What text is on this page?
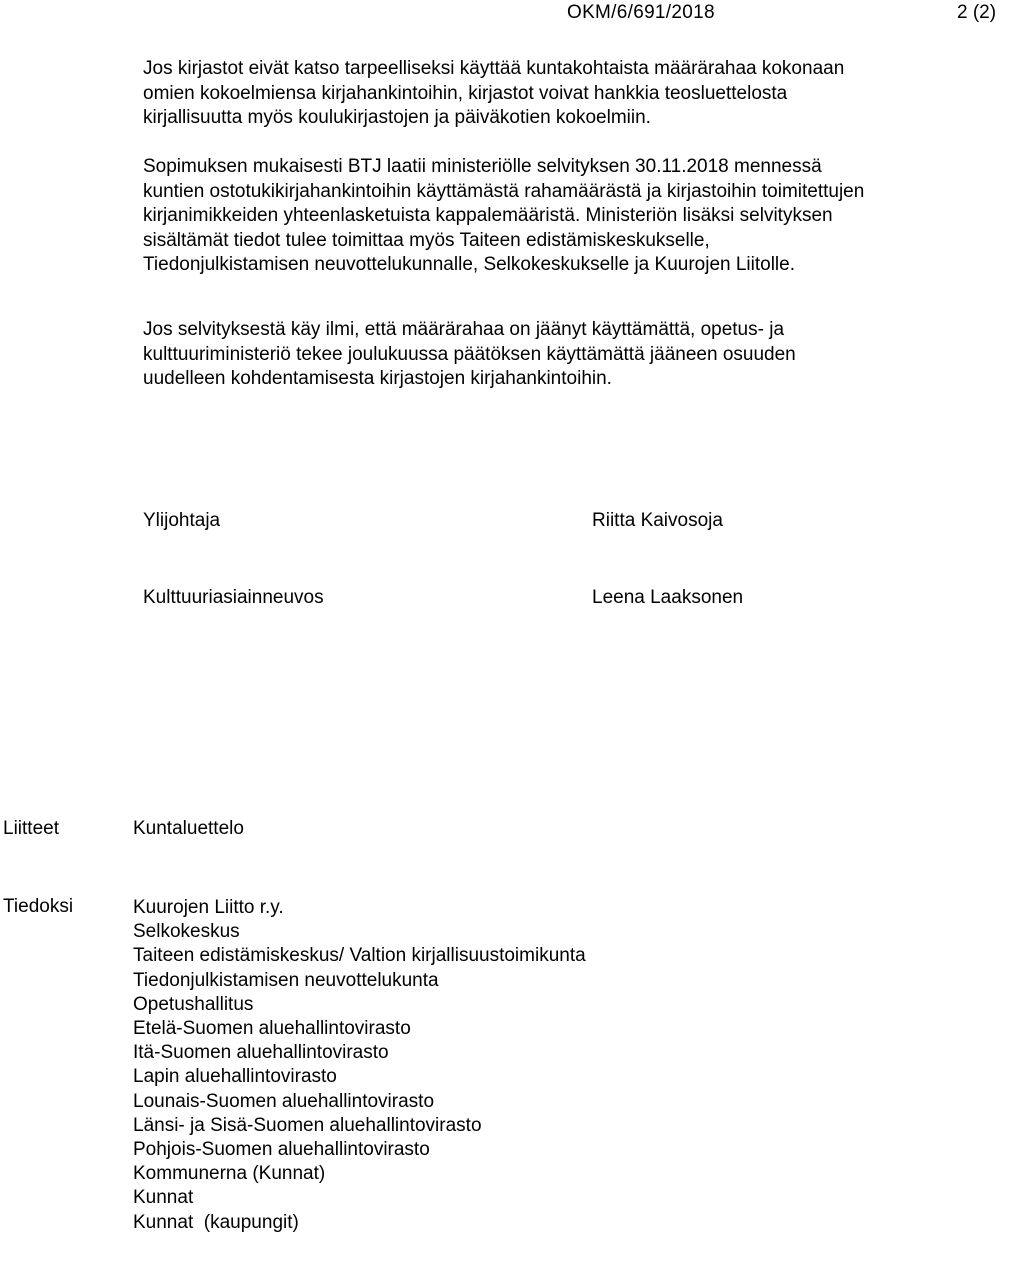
OKM/6/691/2018	2 (2)

Jos kirjastot eivät katso tarpeelliseksi käyttää kuntakohtaista määrärahaa kokonaan
omien kokoelmiensa kirjahankintoihin, kirjastot voivat hankkia teosluettelosta
kirjallisuutta myös koulukirjastojen ja päiväkotien kokoelmiin.

Sopimuksen mukaisesti BTJ laatii ministeriölle selvityksen 30.11.2018 mennessä
kuntien ostotukikirjahankintoihin käyttämästä rahamäärästä ja kirjastoihin toimitettujen
kirjanimikkeiden yhteenlasketuista kappalemääristä. Ministeriön lisäksi selvityksen
sisältämät tiedot tulee toimittaa myös Taiteen edistämiskeskukselle,
Tiedonjulkistamisen neuvottelukunnalle, Selkokeskukselle ja Kuurojen Liitolle.

Jos selvityksestä käy ilmi, että määrärahaa on jäänyt käyttämättä, opetus- ja
kulttuuriministeriö tekee joulukuussa päätöksen käyttämättä jääneen osuuden
uudelleen kohdentamisesta kirjastojen kirjahankintoihin.

Ylijohtaja	Riitta Kaivosoja
Kulttuuriasiainneuvos	Leena Laaksonen
Liitteet	Kuntaluettelo
Tiedoksi	Kuurojen Liitto r.y.
Selkokeskus
Taiteen edistämiskeskus/ Valtion kirjallisuustoimikunta
Tiedonjulkistamisen neuvottelukunta
Opetushallitus
Etelä-Suomen aluehallintovirasto
Itä-Suomen aluehallintovirasto
Lapin aluehallintovirasto
Lounais-Suomen aluehallintovirasto
Länsi- ja Sisä-Suomen aluehallintovirasto
Pohjois-Suomen aluehallintovirasto
Kommunerna (Kunnat)
Kunnat
Kunnat  (kaupungit)
